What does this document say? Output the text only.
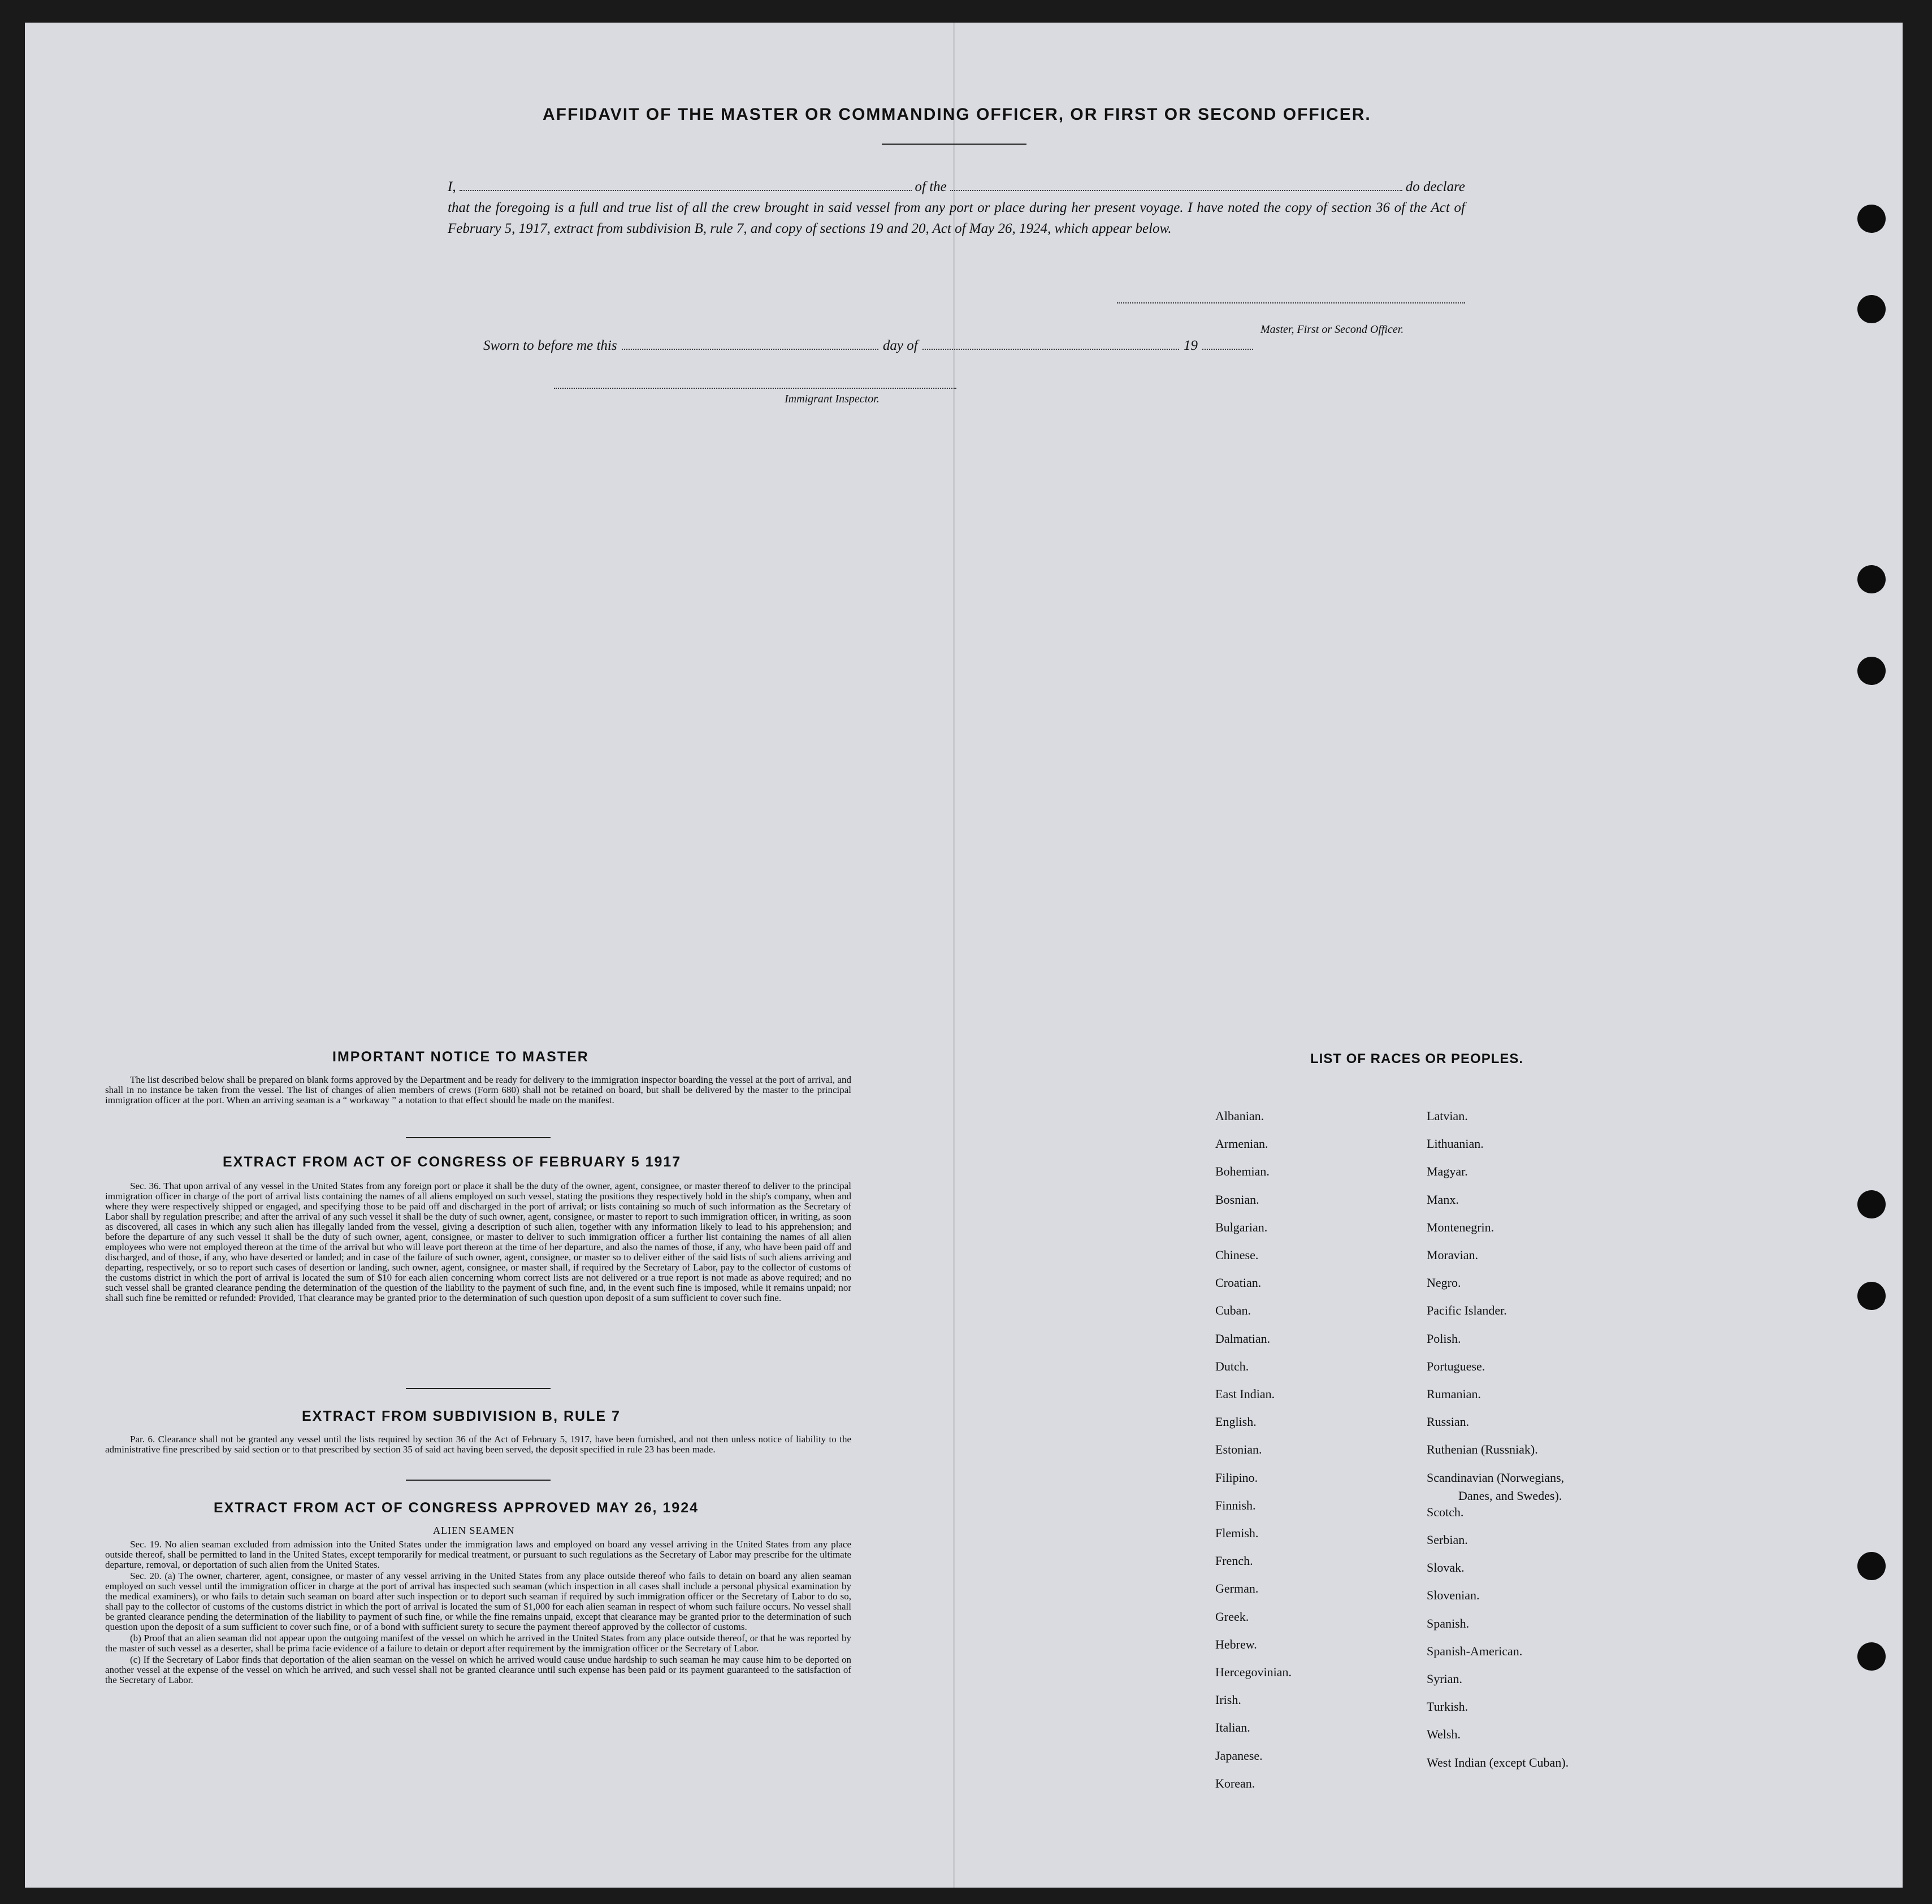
AFFIDAVIT OF THE MASTER OR COMMANDING OFFICER, OR FIRST OR SECOND OFFICER.
I,	of the	do declare
that the foregoing is a full and true list of all the crew brought in said vessel from any port or place during her present voyage. I have noted the copy of section 36 of the Act of February 5, 1917, extract from subdivision B, rule 7, and copy of sections 19 and 20, Act of May 26, 1924, which appear below.
Master, First or Second Officer.
Sworn to before me this	day of	19
Immigrant Inspector.
IMPORTANT NOTICE TO MASTER

The list described below shall be prepared on blank forms approved by the Department and be ready for delivery to the immigration inspector boarding the vessel at the port of arrival, and shall in no instance be taken from the vessel. The list of changes of alien members of crews (Form 680) shall not be retained on board, but shall be delivered by the master to the principal immigration officer at the port. When an arriving seaman is a “ workaway ” a notation to that effect should be made on the manifest.

EXTRACT FROM ACT OF CONGRESS OF FEBRUARY 5 1917

Sec. 36. That upon arrival of any vessel in the United States from any foreign port or place it shall be the duty of the owner, agent, consignee, or master thereof to deliver to the principal immigration officer in charge of the port of arrival lists containing the names of all aliens employed on such vessel, stating the positions they respectively hold in the ship's company, when and where they were respectively shipped or engaged, and specifying those to be paid off and discharged in the port of arrival; or lists containing so much of such information as the Secretary of Labor shall by regulation prescribe; and after the arrival of any such vessel it shall be the duty of such owner, agent, consignee, or master to report to such immigration officer, in writing, as soon as discovered, all cases in which any such alien has illegally landed from the vessel, giving a description of such alien, together with any information likely to lead to his apprehension; and before the departure of any such vessel it shall be the duty of such owner, agent, consignee, or master to deliver to such immigration officer a further list containing the names of all alien employees who were not employed thereon at the time of the arrival but who will leave port thereon at the time of her departure, and also the names of those, if any, who have been paid off and discharged, and of those, if any, who have deserted or landed; and in case of the failure of such owner, agent, consignee, or master so to deliver either of the said lists of such aliens arriving and departing, respectively, or so to report such cases of desertion or landing, such owner, agent, consignee, or master shall, if required by the Secretary of Labor, pay to the collector of customs of the customs district in which the port of arrival is located the sum of $10 for each alien concerning whom correct lists are not delivered or a true report is not made as above required; and no such vessel shall be granted clearance pending the determination of the question of the liability to the payment of such fine, and, in the event such fine is imposed, while it remains unpaid; nor shall such fine be remitted or refunded: Provided, That clearance may be granted prior to the determination of such question upon deposit of a sum sufficient to cover such fine.

EXTRACT FROM SUBDIVISION B, RULE 7

Par. 6. Clearance shall not be granted any vessel until the lists required by section 36 of the Act of February 5, 1917, have been furnished, and not then unless notice of liability to the administrative fine prescribed by said section or to that prescribed by section 35 of said act having been served, the deposit specified in rule 23 has been made.

EXTRACT FROM ACT OF CONGRESS APPROVED MAY 26, 1924
ALIEN SEAMEN

Sec. 19. No alien seaman excluded from admission into the United States under the immigration laws and employed on board any vessel arriving in the United States from any place outside thereof, shall be permitted to land in the United States, except temporarily for medical treatment, or pursuant to such regulations as the Secretary of Labor may prescribe for the ultimate departure, removal, or deportation of such alien from the United States.

Sec. 20. (a) The owner, charterer, agent, consignee, or master of any vessel arriving in the United States from any place outside thereof who fails to detain on board any alien seaman employed on such vessel until the immigration officer in charge at the port of arrival has inspected such seaman (which inspection in all cases shall include a personal physical examination by the medical examiners), or who fails to detain such seaman on board after such inspection or to deport such seaman if required by such immigration officer or the Secretary of Labor to do so, shall pay to the collector of customs of the customs district in which the port of arrival is located the sum of $1,000 for each alien seaman in respect of whom such failure occurs. No vessel shall be granted clearance pending the determination of the liability to payment of such fine, or while the fine remains unpaid, except that clearance may be granted prior to the determination of such question upon the deposit of a sum sufficient to cover such fine, or of a bond with sufficient surety to secure the payment thereof approved by the collector of customs.

(b) Proof that an alien seaman did not appear upon the outgoing manifest of the vessel on which he arrived in the United States from any place outside thereof, or that he was reported by the master of such vessel as a deserter, shall be prima facie evidence of a failure to detain or deport after requirement by the immigration officer or the Secretary of Labor.

(c) If the Secretary of Labor finds that deportation of the alien seaman on the vessel on which he arrived would cause undue hardship to such seaman he may cause him to be deported on another vessel at the expense of the vessel on which he arrived, and such vessel shall not be granted clearance until such expense has been paid or its payment guaranteed to the satisfaction of the Secretary of Labor.

LIST OF RACES OR PEOPLES.
Albanian.
Armenian.
Bohemian.
Bosnian.
Bulgarian.
Chinese.
Croatian.
Cuban.
Dalmatian.
Dutch.
East Indian.
English.
Estonian.
Filipino.
Finnish.
Flemish.
French.
German.
Greek.
Hebrew.
Hercegovinian.
Irish.
Italian.
Japanese.
Korean.
Latvian.
Lithuanian.
Magyar.
Manx.
Montenegrin.
Moravian.
Negro.
Pacific Islander.
Polish.
Portuguese.
Rumanian.
Russian.
Ruthenian (Russniak).
Scandinavian (Norwegians,
Danes, and Swedes).
Scotch.
Serbian.
Slovak.
Slovenian.
Spanish.
Spanish-American.
Syrian.
Turkish.
Welsh.
West Indian (except Cuban).
